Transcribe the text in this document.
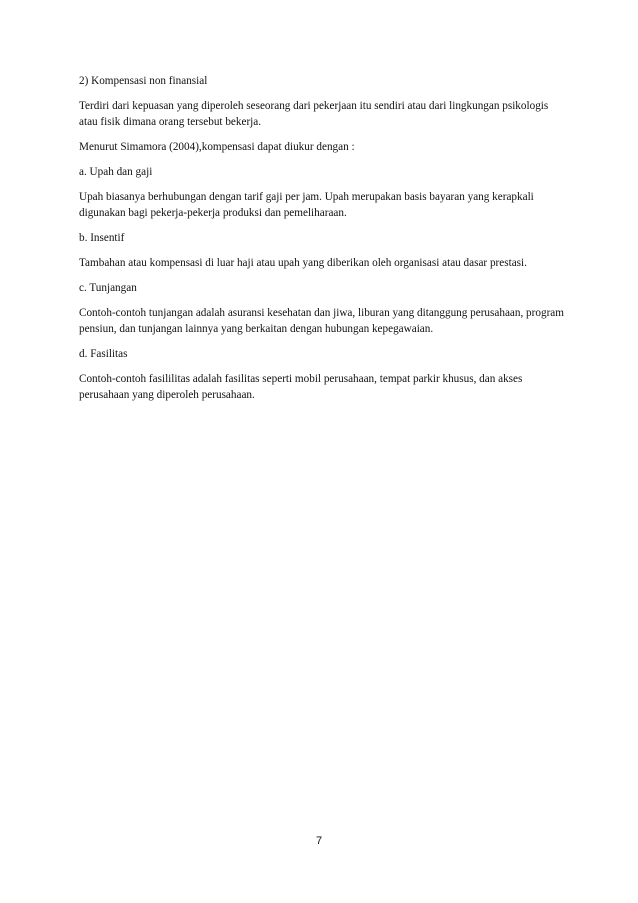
2) Kompensasi non finansial

Terdiri dari kepuasan yang diperoleh seseorang dari pekerjaan itu sendiri atau dari lingkungan psikologis atau fisik dimana orang tersebut bekerja.

Menurut Simamora (2004),kompensasi dapat diukur dengan :

a. Upah dan gaji

Upah biasanya berhubungan dengan tarif gaji per jam. Upah merupakan basis bayaran yang kerapkali digunakan bagi pekerja-pekerja produksi dan pemeliharaan.

b. Insentif

Tambahan atau kompensasi di luar haji atau upah yang diberikan oleh organisasi atau dasar prestasi.

c. Tunjangan

Contoh-contoh tunjangan adalah asuransi kesehatan dan jiwa, liburan yang ditanggung perusahaan, program pensiun, dan tunjangan lainnya yang berkaitan dengan hubungan kepegawaian.

d. Fasilitas

Contoh-contoh fasililitas adalah fasilitas seperti mobil perusahaan, tempat parkir khusus, dan akses perusahaan yang diperoleh perusahaan.

7
